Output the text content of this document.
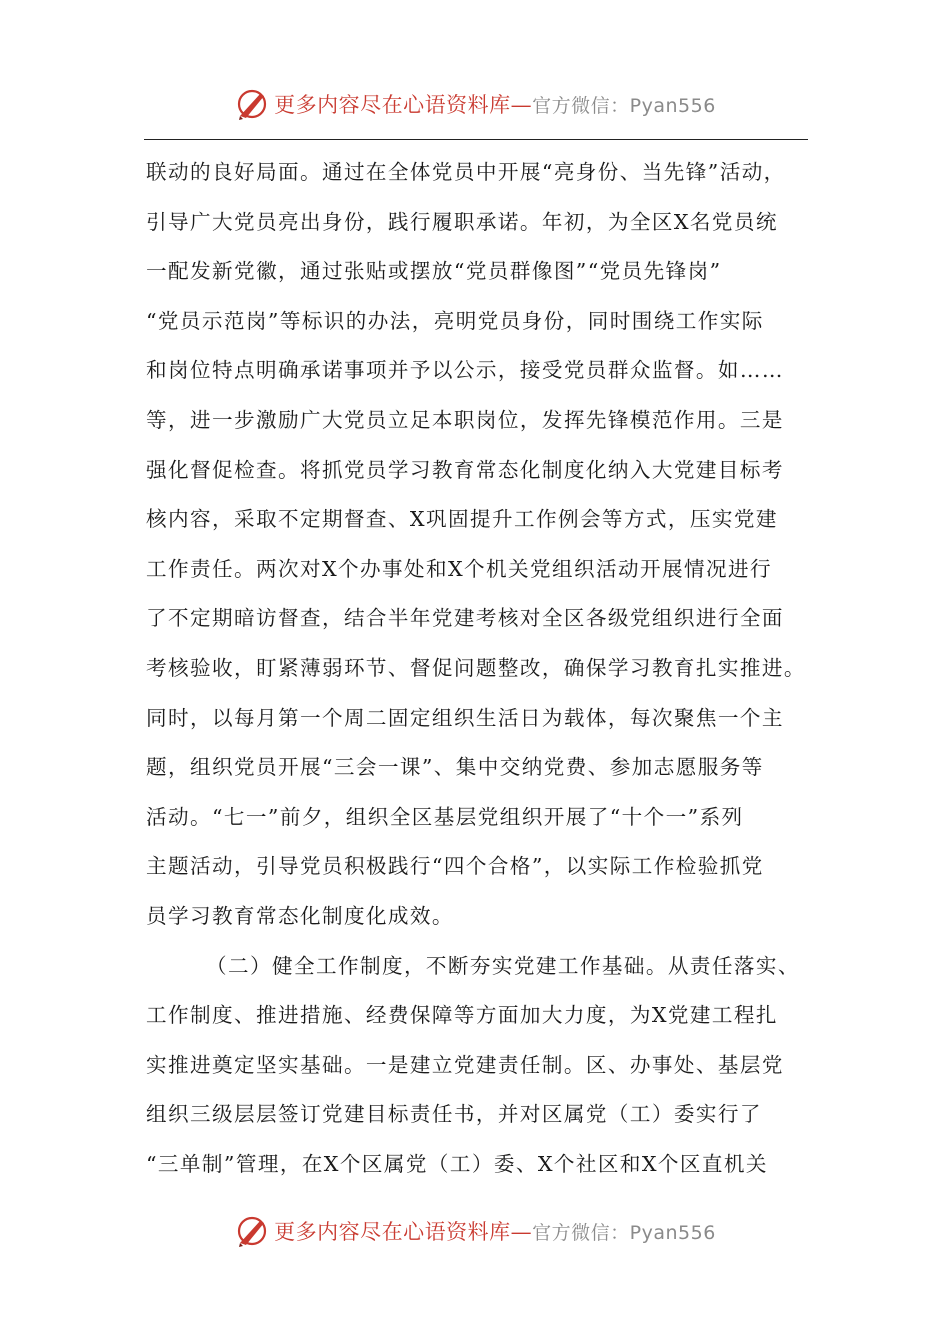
更多内容尽在心语资料库—官方微信：Pyan556
联动的良好局面。通过在全体党员中开展“亮身份、当先锋”活动，
引导广大党员亮出身份，践行履职承诺。年初，为全区X名党员统
一配发新党徽，通过张贴或摆放“党员群像图”“党员先锋岗”
“党员示范岗”等标识的办法，亮明党员身份，同时围绕工作实际
和岗位特点明确承诺事项并予以公示，接受党员群众监督。如……
等，进一步激励广大党员立足本职岗位，发挥先锋模范作用。三是
强化督促检查。将抓党员学习教育常态化制度化纳入大党建目标考
核内容，采取不定期督查、X巩固提升工作例会等方式，压实党建
工作责任。两次对X个办事处和X个机关党组织活动开展情况进行
了不定期暗访督查，结合半年党建考核对全区各级党组织进行全面
考核验收，盯紧薄弱环节、督促问题整改，确保学习教育扎实推进。
同时，以每月第一个周二固定组织生活日为载体，每次聚焦一个主
题，组织党员开展“三会一课”、集中交纳党费、参加志愿服务等
活动。“七一”前夕，组织全区基层党组织开展了“十个一”系列
主题活动，引导党员积极践行“四个合格”，以实际工作检验抓党
员学习教育常态化制度化成效。
（二）健全工作制度，不断夯实党建工作基础。从责任落实、
工作制度、推进措施、经费保障等方面加大力度，为X党建工程扎
实推进奠定坚实基础。一是建立党建责任制。区、办事处、基层党
组织三级层层签订党建目标责任书，并对区属党（工）委实行了
“三单制”管理，在X个区属党（工）委、X个社区和X个区直机关
更多内容尽在心语资料库—官方微信：Pyan556
